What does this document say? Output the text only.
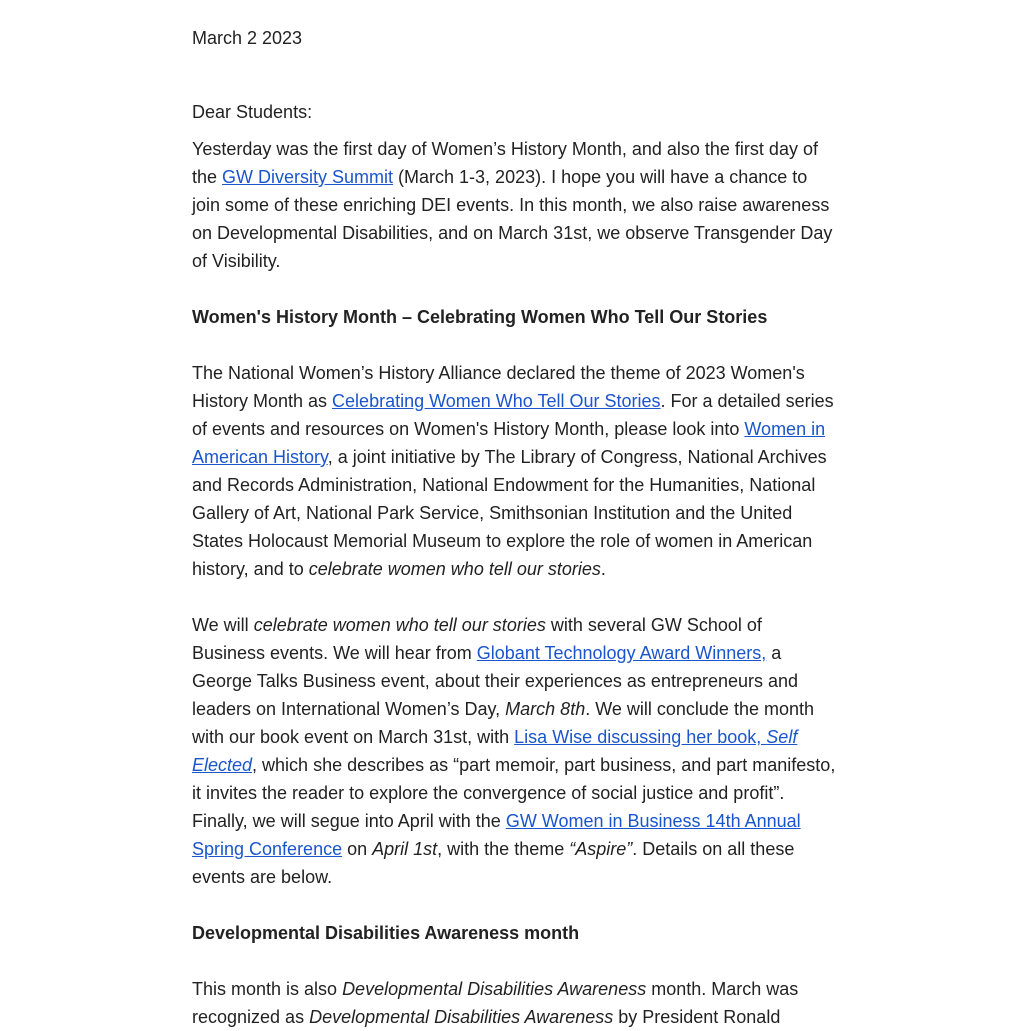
March 2 2023

Dear Students:

Yesterday was the first day of Women’s History Month, and also the first day of the GW Diversity Summit (March 1-3, 2023). I hope you will have a chance to join some of these enriching DEI events. In this month, we also raise awareness on Developmental Disabilities, and on March 31st, we observe Transgender Day of Visibility.

Women's History Month – Celebrating Women Who Tell Our Stories

The National Women’s History Alliance declared the theme of 2023 Women's History Month as Celebrating Women Who Tell Our Stories. For a detailed series of events and resources on Women's History Month, please look into Women in American History, a joint initiative by The Library of Congress, National Archives and Records Administration, National Endowment for the Humanities, National Gallery of Art, National Park Service, Smithsonian Institution and the United States Holocaust Memorial Museum to explore the role of women in American history, and to celebrate women who tell our stories.

We will celebrate women who tell our stories with several GW School of Business events. We will hear from Globant Technology Award Winners, a George Talks Business event, about their experiences as entrepreneurs and leaders on International Women’s Day, March 8th. We will conclude the month with our book event on March 31st, with Lisa Wise discussing her book, Self Elected, which she describes as “part memoir, part business, and part manifesto, it invites the reader to explore the convergence of social justice and profit”. Finally, we will segue into April with the GW Women in Business 14th Annual Spring Conference on April 1st, with the theme “Aspire”. Details on all these events are below.

Developmental Disabilities Awareness month

This month is also Developmental Disabilities Awareness month. March was recognized as Developmental Disabilities Awareness by President Ronald
